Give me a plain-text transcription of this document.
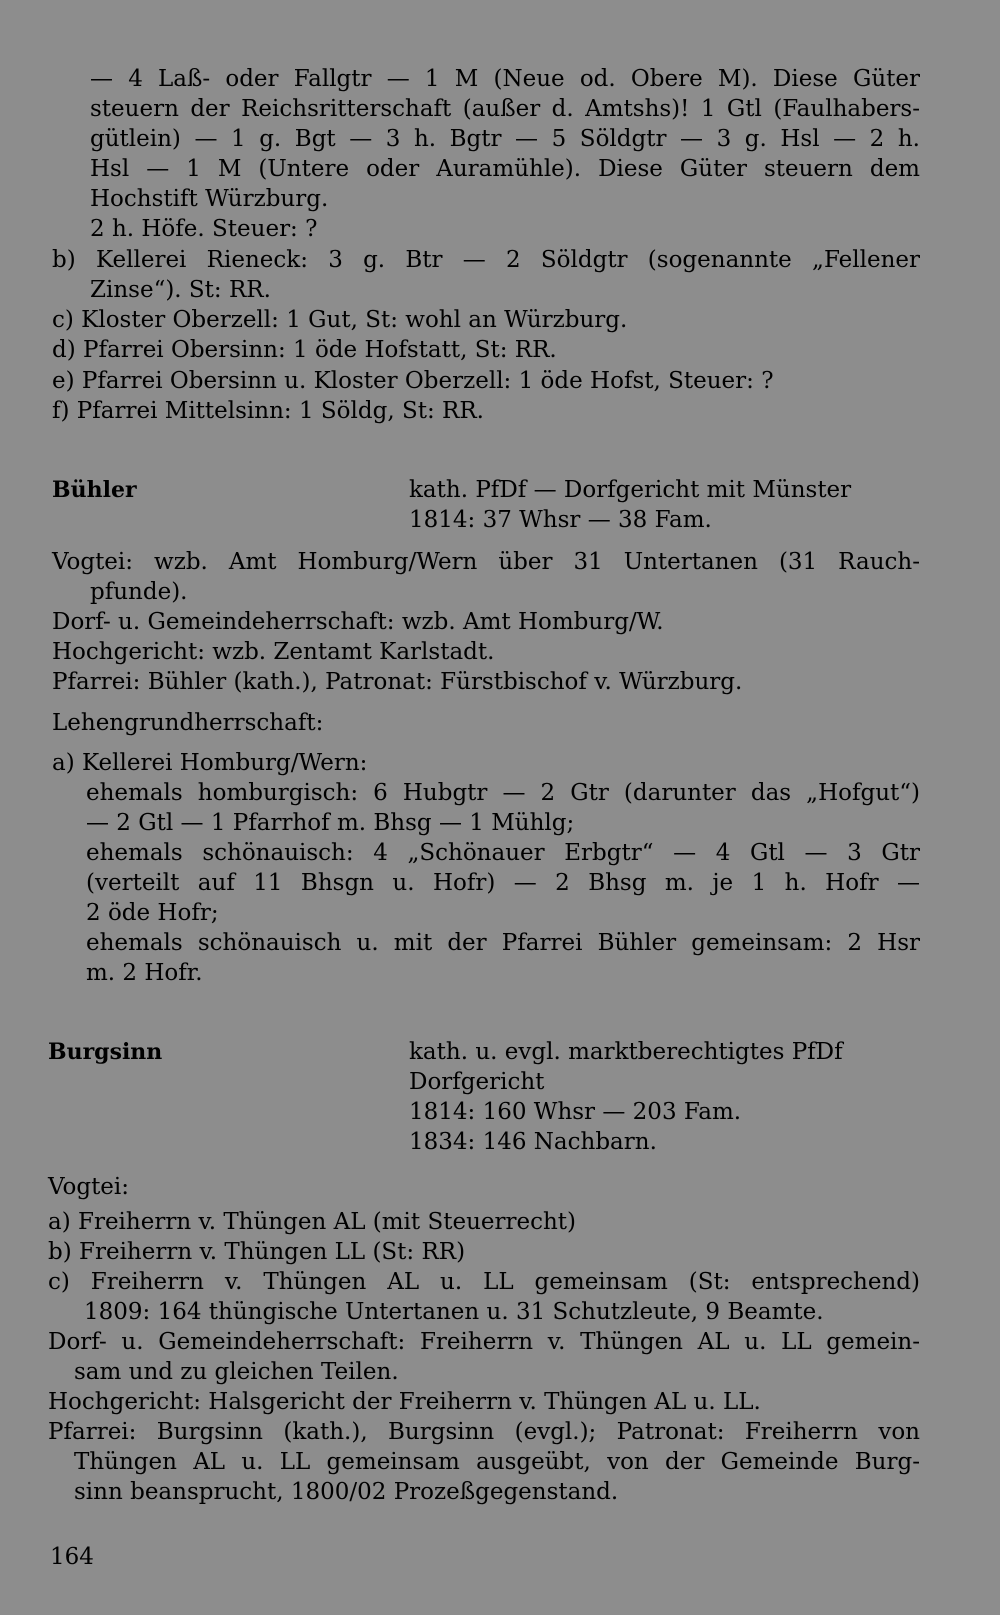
— 4 Laß- oder Fallgtr — 1 M (Neue od. Obere M). Diese Güter
steuern der Reichsritterschaft (außer d. Amtshs)! 1 Gtl (Faulhabers-
gütlein) — 1 g. Bgt — 3 h. Bgtr — 5 Söldgtr — 3 g. Hsl — 2 h.
Hsl — 1 M (Untere oder Auramühle). Diese Güter steuern dem
Hochstift Würzburg.
2 h. Höfe. Steuer: ?
b) Kellerei Rieneck: 3 g. Btr — 2 Söldgtr (sogenannte „Fellener
Zinse“). St: RR.
c) Kloster Oberzell: 1 Gut, St: wohl an Würzburg.
d) Pfarrei Obersinn: 1 öde Hofstatt, St: RR.
e) Pfarrei Obersinn u. Kloster Oberzell: 1 öde Hofst, Steuer: ?
f) Pfarrei Mittelsinn: 1 Söldg, St: RR.
Bühler	kath. PfDf — Dorfgericht mit Münster
1814: 37 Whsr — 38 Fam.
Vogtei: wzb. Amt Homburg/Wern über 31 Untertanen (31 Rauch-
pfunde).
Dorf- u. Gemeindeherrschaft: wzb. Amt Homburg/W.
Hochgericht: wzb. Zentamt Karlstadt.
Pfarrei: Bühler (kath.), Patronat: Fürstbischof v. Würzburg.
Lehengrundherrschaft:
a) Kellerei Homburg/Wern:
ehemals homburgisch: 6 Hubgtr — 2 Gtr (darunter das „Hofgut“)
— 2 Gtl — 1 Pfarrhof m. Bhsg — 1 Mühlg;
ehemals schönauisch: 4 „Schönauer Erbgtr“ — 4 Gtl — 3 Gtr
(verteilt auf 11 Bhsgn u. Hofr) — 2 Bhsg m. je 1 h. Hofr —
2 öde Hofr;
ehemals schönauisch u. mit der Pfarrei Bühler gemeinsam: 2 Hsr
m. 2 Hofr.
Burgsinn	kath. u. evgl. marktberechtigtes PfDf
Dorfgericht
1814: 160 Whsr — 203 Fam.
1834: 146 Nachbarn.
Vogtei:
a) Freiherrn v. Thüngen AL (mit Steuerrecht)
b) Freiherrn v. Thüngen LL (St: RR)
c) Freiherrn v. Thüngen AL u. LL gemeinsam (St: entsprechend)
1809: 164 thüngische Untertanen u. 31 Schutzleute, 9 Beamte.
Dorf- u. Gemeindeherrschaft: Freiherrn v. Thüngen AL u. LL gemein-
sam und zu gleichen Teilen.
Hochgericht: Halsgericht der Freiherrn v. Thüngen AL u. LL.
Pfarrei: Burgsinn (kath.), Burgsinn (evgl.); Patronat: Freiherrn von
Thüngen AL u. LL gemeinsam ausgeübt, von der Gemeinde Burg-
sinn beansprucht, 1800/02 Prozeßgegenstand.
164
